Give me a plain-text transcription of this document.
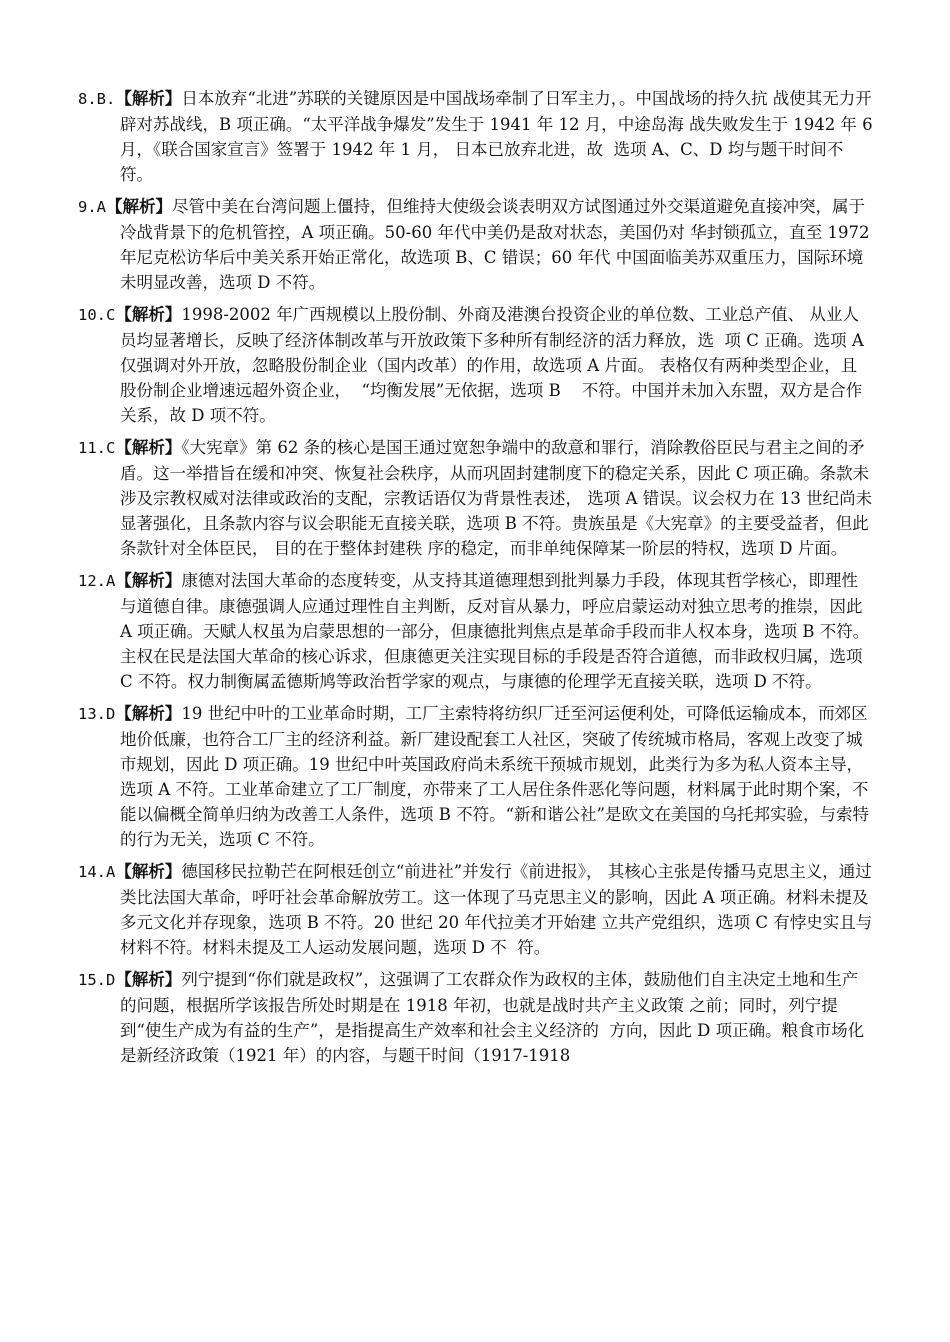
8.B.【解析】日本放弃“北进”苏联的关键原因是中国战场牵制了日军主力，。中国战场的持久抗 战使其无力开辟对苏战线，B 项正确。“太平洋战争爆发”发生于 1941 年 12 月，中途岛海 战失败发生于 1942 年 6 月，《联合国家宣言》签署于 1942 年 1 月， 日本已放弃北进，故  选项 A、C、D 均与题干时间不符。

9.A【解析】尽管中美在台湾问题上僵持，但维持大使级会谈表明双方试图通过外交渠道避免直接冲突，属于冷战背景下的危机管控，A 项正确。50-60 年代中美仍是敌对状态，美国仍对 华封锁孤立，直至 1972 年尼克松访华后中美关系开始正常化，故选项 B、C 错误；60 年代 中国面临美苏双重压力，国际环境未明显改善，选项 D 不符。

10.C【解析】1998-2002 年广西规模以上股份制、外商及港澳台投资企业的单位数、工业总产值、 从业人员均显著增长，反映了经济体制改革与开放政策下多种所有制经济的活力释放，选  项 C 正确。选项 A 仅强调对外开放，忽略股份制企业（国内改革）的作用，故选项 A 片面。 表格仅有两种类型企业，且股份制企业增速远超外资企业，  “均衡发展”无依据，选项 B    不符。中国并未加入东盟，双方是合作关系，故 D 项不符。

11.C【解析】《大宪章》第 62 条的核心是国王通过宽恕争端中的敌意和罪行，消除教俗臣民与君主之间的矛盾。这一举措旨在缓和冲突、恢复社会秩序，从而巩固封建制度下的稳定关系，因此 C 项正确。条款未涉及宗教权威对法律或政治的支配，宗教话语仅为背景性表述， 选项 A 错误。议会权力在 13 世纪尚未显著强化，且条款内容与议会职能无直接关联，选项 B 不符。贵族虽是《大宪章》的主要受益者，但此条款针对全体臣民， 目的在于整体封建秩 序的稳定，而非单纯保障某一阶层的特权，选项 D 片面。

12.A【解析】康德对法国大革命的态度转变，从支持其道德理想到批判暴力手段，体现其哲学核心，即理性与道德自律。康德强调人应通过理性自主判断，反对盲从暴力，呼应启蒙运动对独立思考的推崇，因此 A 项正确。天赋人权虽为启蒙思想的一部分，但康德批判焦点是革命手段而非人权本身，选项 B 不符。主权在民是法国大革命的核心诉求，但康德更关注实现目标的手段是否符合道德，而非政权归属，选项 C 不符。权力制衡属孟德斯鸠等政治哲学家的观点，与康德的伦理学无直接关联，选项 D 不符。

13.D【解析】19 世纪中叶的工业革命时期，工厂主索特将纺织厂迁至河运便利处，可降低运输成本，而郊区地价低廉，也符合工厂主的经济利益。新厂建设配套工人社区，突破了传统城市格局，客观上改变了城市规划，因此 D 项正确。19 世纪中叶英国政府尚未系统干预城市规划，此类行为多为私人资本主导，选项 A 不符。工业革命建立了工厂制度，亦带来了工人居住条件恶化等问题，材料属于此时期个案，不能以偏概全简单归纳为改善工人条件，选项 B 不符。“新和谐公社”是欧文在美国的乌托邦实验，与索特的行为无关，选项 C 不符。

14.A【解析】德国移民拉勒芒在阿根廷创立“前进社”并发行《前进报》， 其核心主张是传播马克思主义，通过类比法国大革命，呼吁社会革命解放劳工。这一体现了马克思主义的影响，因此 A 项正确。材料未提及多元文化并存现象，选项 B 不符。20 世纪 20 年代拉美才开始建 立共产党组织，选项 C 有悖史实且与材料不符。材料未提及工人运动发展问题，选项 D 不  符。

15.D【解析】列宁提到“你们就是政权”，这强调了工农群众作为政权的主体，鼓励他们自主决定土地和生产的问题，根据所学该报告所处时期是在 1918 年初，也就是战时共产主义政策 之前；同时，列宁提到“使生产成为有益的生产”，是指提高生产效率和社会主义经济的  方向，因此 D 项正确。粮食市场化是新经济政策（1921 年）的内容，与题干时间（1917-1918
